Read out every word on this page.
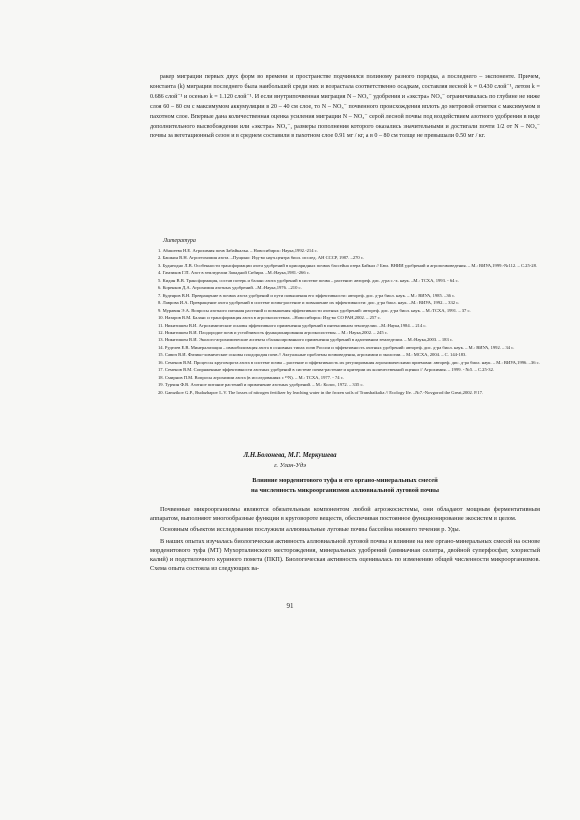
ракер миграции первых двух форм во времени и пространстве подчинялся полиному разного порядка, а последнего – экспоненте. Причем, константа (k) миграции последнего была наибольшей среди них и возрастала соответственно осадкам, составляя весной k = 0.430 слой⁻¹, летом k = 0.686 слой⁻¹ и осенью k = 1.120 слой⁻¹. И если внутрипочвенная миграция N – NO₃⁻ удобрения и «экстра» NO₃⁻ ограничивалась по глубине не ниже слоя 60 – 80 см с максимумом аккумуляции в 20 – 40 см слое, то N – NO₃⁻ почвенного происхождения вплоть до метровой отметки с максимумом в пахотном слое. Впервые дана количественная оценка усиления миграции N – NO₃⁻ серой лесной почвы под воздействием азотного удобрения в виде дополнительного высвобождения или «экстра» NO₃⁻, размеры пополнения которого оказались значительными и достигали почти 1/2 от N – NO₃⁻ почвы за вегетационный сезон и в среднем составили в пахотном слое 0.91 мг / кг, а в 0 – 80 см толще не превышали 0.50 мг / кг.

Литература

1. Абашеева Н.Е. Агрохимия почв Забайкалья. – Новосибирск: Наука,1992.-214 с.

2. Башкин В.Н. Агрогеохимия азота. –Пущино: Изд-во науч.центра биол. исслед. АН СССР, 1987. –270 с.

3. Буднеодно Л.В. Особенности трансформации азота удобрений в криоаридных почвах бассейна озера Байкал // Бюл. ВНИИ удобрений и агропочвоведения. – М.: ВИУА,1999.-№112. – С.25-28.

4. Гамзиков Г.П. Азот в земледелии Западной Сибири. –М.:Наука,1981.-266 с.

5. Кидин В.В. Трансформация, состав потерь и баланс азота удобрений в системе почва – растение: автореф. дис. д-ра с.-х. наук. –М.: ТСХА, 1993. - 64 с.

6. Коренков Д.А. Агрохимия азотных удобрений. –М.:Наука,1976. –210 с.

7. Кудеяров В.Н. Превращение в почвах азота удобрений и пути повышения его эффективности: автореф. дис. д-ра биол. наук. – М.: ВИУА, 1985. –36 с.

8. Лаврова И.А. Превращение азота удобрений в системе почва-растение и повышение их эффективности: дис. д-ра биол. наук. –М.: ВИУА, 1992. – 332 с.

9. Муравин Э.А. Вопросы азотного питания растений и повышения эффективности азотных удобрений: автореф. дис. д-ра биол. наук. – М.:ТСХА, 1991. – 37 с.

10. Назаров В.М. Баланс и трансформация азота в агроэкосистемах. –Новосибирск: Изд-во СО РАН,2002. – 257 с.

11. Никитишен В.И. Агрохимические основы эффективного применения удобрений в интенсивном земледелии. –М.:Наука,1984. – 214 с.

12. Никитишен В.И. Плодородие почв и устойчивость функционирования агроэкосистемы. – М.: Наука,2002. – 245 с.

13. Никитишен В.И. Эколого-агрохимические аспекты сбалансированного применения удобрений в адаптивном земледелии. – М.:Наука,2003. – 183 с.

14. Руделев Е.В. Минерализация – иммобилизация азота в основных типах почв России и эффективность азотных удобрений: автореф. дис. д-ра биол. наук. – М.: ВИУА, 1992. – 34 с.

15. Савич В.И. Физико-химические основы плодородия почв // Актуальные проблемы почвоведения, агрохимии и экологии. – М.: МСХА, 2004. – С. 144-183.

16. Семенов В.М. Процессы круговорота азота в системе почва – растение и эффективность их регулирования агрохимическими приемами: автореф. дис. д-ра биол. наук. – М.: ВИУА,1996. –36 с.

17. Семенов В.М. Сопряженные эффективности азотных удобрений в системе почва-растение и критерии их количественной оценки // Агрохимия. – 1999. - №5. – С.25-32.

18. Смирнов П.М. Вопросы агрохимии азота (в исследованиях с ¹⁵N). – М.: ТСХА, 1977. - 74 с.

19. Турчин Ф.В. Азотное питание растений и применение азотных удобрений. – М.: Колос, 1972. – 335 с.

20. Gamzikov G.P., Budazhapov L.V. The losses of nitrogen fertilizer by leaching water in the frozen soils of Transbaikalia // Ecology Ife. –№7.-Novgorod the Great,2002. P.17.

Л.Н.Болонева, М.Г. Меркушева
г. Улан-Удэ
Влияние морденитового туфа и его органо-минеральных смесей
на численность микроорганизмов аллювиальной луговой почвы

Почвенные микроорганизмы являются обязательным компонентом любой агроэкосистемы, они обладают мощным ферментативным аппаратом, выполняют многообразные функции в круговороте веществ, обеспечивая постоянное функционирование экосистем в целом.

Основным объектом исследования послужили аллювиальные луговые почвы бассейна нижнего течения р. Уды.

В наших опытах изучалась биологическая активность аллювиальной луговой почвы и влияние на нее органо-минеральных смесей на основе морденитового туфа (МТ) Мухорталинского месторождения, минеральных удобрений (аммиачная селитра, двойной суперфосфат, хлористый калий) и подстилочного куриного помета (ПКП). Биологическая активность оценивалась по изменению общей численности микроорганизмов. Схема опыта состояла из следующих ва-

91
